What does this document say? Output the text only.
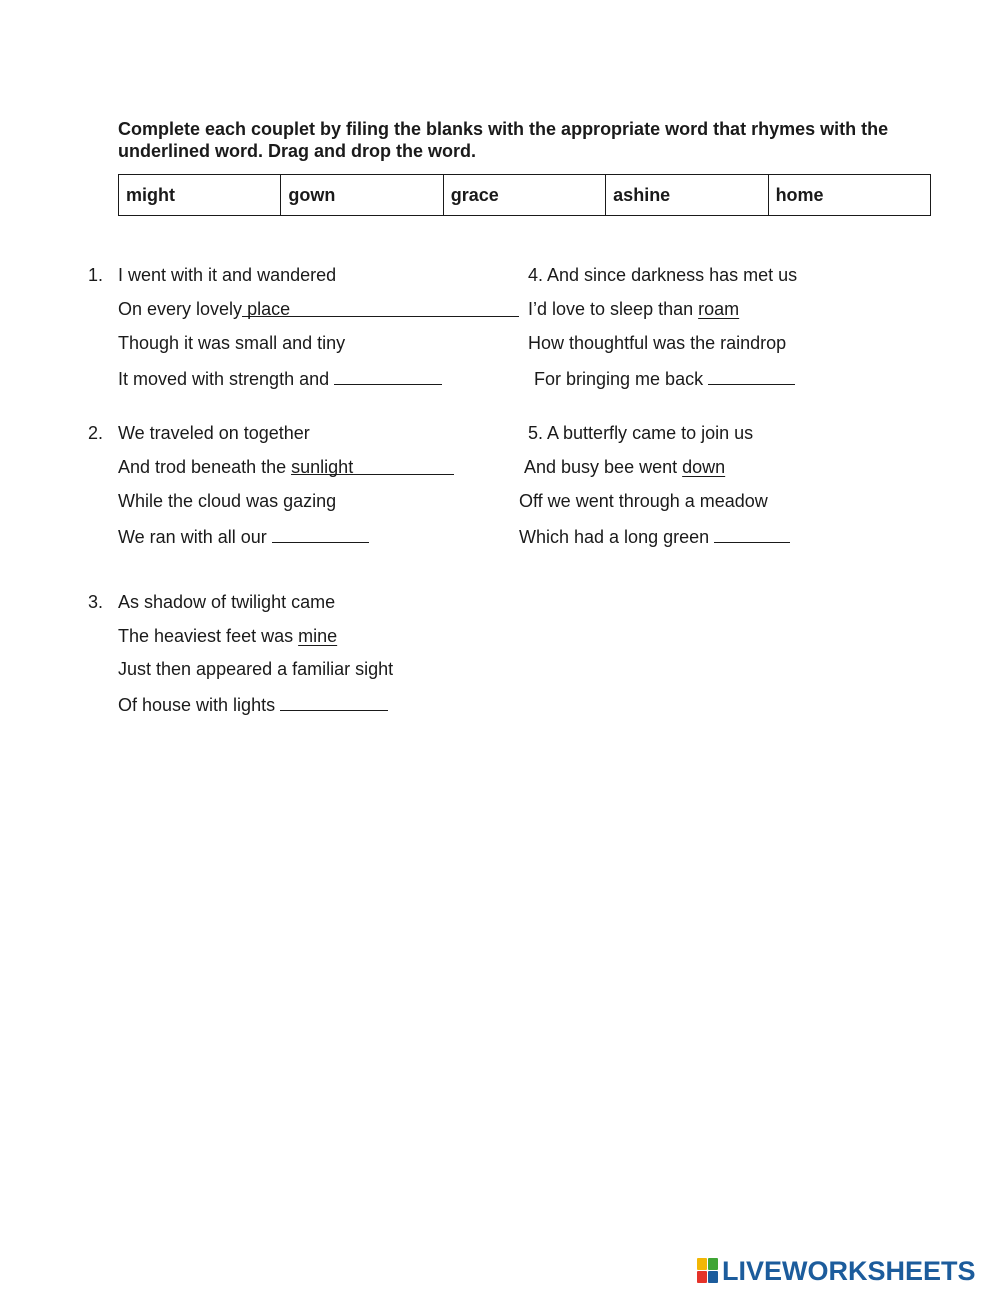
Complete each couplet by filing the blanks with the appropriate word that rhymes with the underlined word. Drag and drop the word.

might	gown	grace	ashine	home
1. I went with it and wandered
On every lovely place
Though it was small and tiny
It moved with strength and
2. We traveled on together
And trod beneath the sunlight
While the cloud was gazing
We ran with all our
3. As shadow of twilight came
The heaviest feet was mine
Just then appeared a familiar sight
Of house with lights
4. And since darkness has met us
I’d love to sleep than roam
How thoughtful was the raindrop
For bringing me back
5. A butterfly came to join us
And busy bee went down
Off we went through a meadow
Which had a long green
LIVEWORKSHEETS
